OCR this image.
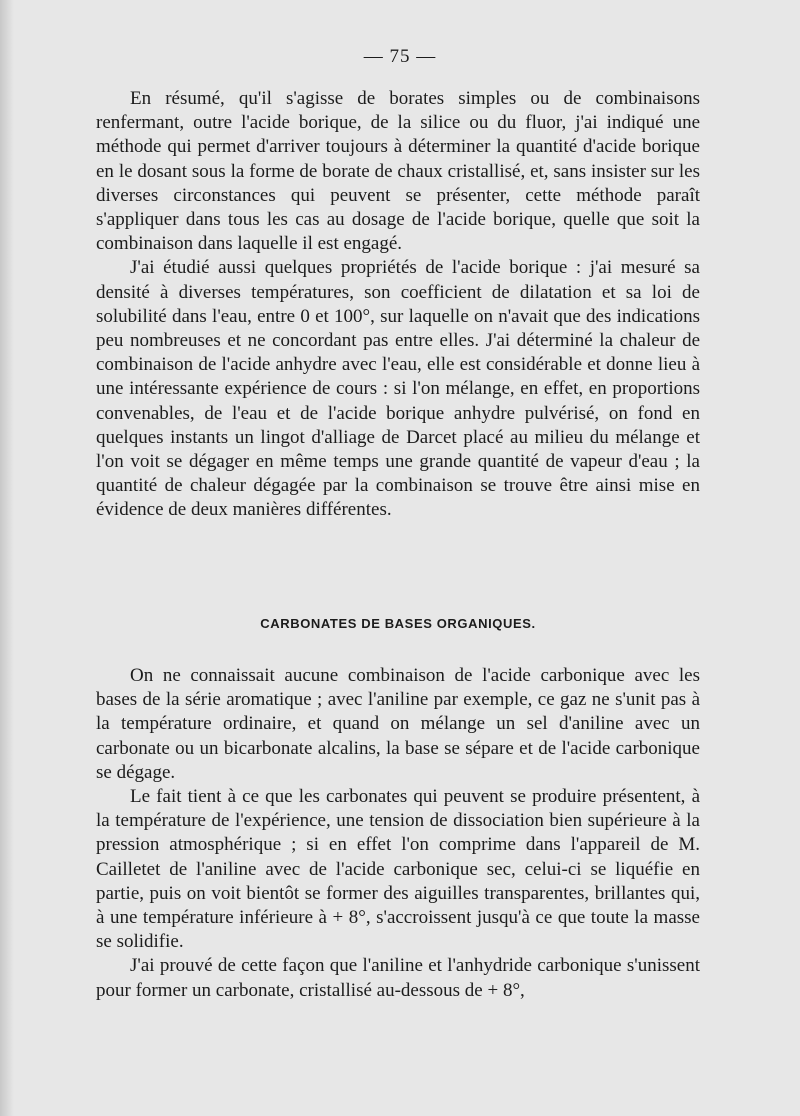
— 75 —

En résumé, qu'il s'agisse de borates simples ou de combinaisons renfermant, outre l'acide borique, de la silice ou du fluor, j'ai indiqué une méthode qui permet d'arriver toujours à déterminer la quantité d'acide borique en le dosant sous la forme de borate de chaux cristallisé, et, sans insister sur les diverses circonstances qui peuvent se présenter, cette méthode paraît s'appliquer dans tous les cas au dosage de l'acide borique, quelle que soit la combinaison dans laquelle il est engagé.

J'ai étudié aussi quelques propriétés de l'acide borique : j'ai mesuré sa densité à diverses températures, son coefficient de dilatation et sa loi de solubilité dans l'eau, entre 0 et 100°, sur laquelle on n'avait que des indications peu nombreuses et ne concordant pas entre elles. J'ai déterminé la chaleur de combinaison de l'acide anhydre avec l'eau, elle est considérable et donne lieu à une intéressante expérience de cours : si l'on mélange, en effet, en proportions convenables, de l'eau et de l'acide borique anhydre pulvérisé, on fond en quelques instants un lingot d'alliage de Darcet placé au milieu du mélange et l'on voit se dégager en même temps une grande quantité de vapeur d'eau ; la quantité de chaleur dégagée par la combinaison se trouve être ainsi mise en évidence de deux manières différentes.

CARBONATES DE BASES ORGANIQUES.

On ne connaissait aucune combinaison de l'acide carbonique avec les bases de la série aromatique ; avec l'aniline par exemple, ce gaz ne s'unit pas à la température ordinaire, et quand on mélange un sel d'aniline avec un carbonate ou un bicarbonate alcalins, la base se sépare et de l'acide carbonique se dégage.

Le fait tient à ce que les carbonates qui peuvent se produire présentent, à la température de l'expérience, une tension de dissociation bien supérieure à la pression atmosphérique ; si en effet l'on comprime dans l'appareil de M. Cailletet de l'aniline avec de l'acide carbonique sec, celui-ci se liquéfie en partie, puis on voit bientôt se former des aiguilles transparentes, brillantes qui, à une température inférieure à + 8°, s'accroissent jusqu'à ce que toute la masse se solidifie.

J'ai prouvé de cette façon que l'aniline et l'anhydride carbonique s'unissent pour former un carbonate, cristallisé au-dessous de + 8°,
